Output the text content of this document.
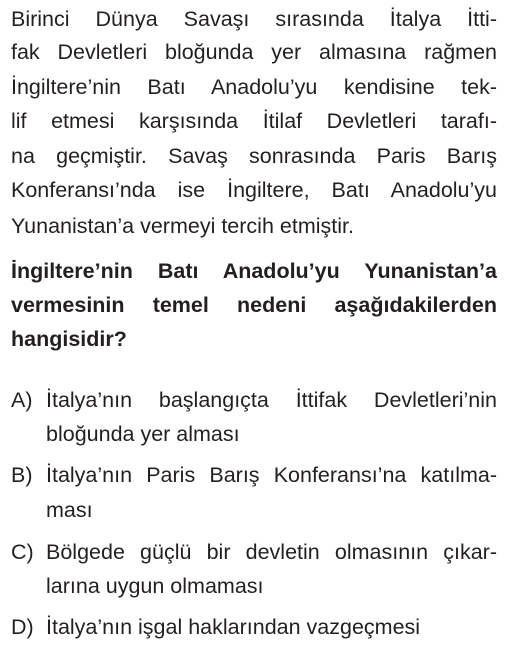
Birinci Dünya Savaşı sırasında İtalya İtti-
fak Devletleri bloğunda yer almasına rağmen
İngiltere’nin Batı Anadolu’yu kendisine tek-
lif etmesi karşısında İtilaf Devletleri tarafı-
na geçmiştir. Savaş sonrasında Paris Barış
Konferansı’nda ise İngiltere, Batı Anadolu’yu
Yunanistan’a vermeyi tercih etmiştir.
İngiltere’nin Batı Anadolu’yu Yunanistan’a
vermesinin temel nedeni aşağıdakilerden
hangisidir?
A) İtalya’nın başlangıçta İttifak Devletleri’nin
bloğunda yer alması
B) İtalya’nın Paris Barış Konferansı’na katılma-
ması
C) Bölgede güçlü bir devletin olmasının çıkar-
larına uygun olmaması
D) İtalya’nın işgal haklarından vazgeçmesi
